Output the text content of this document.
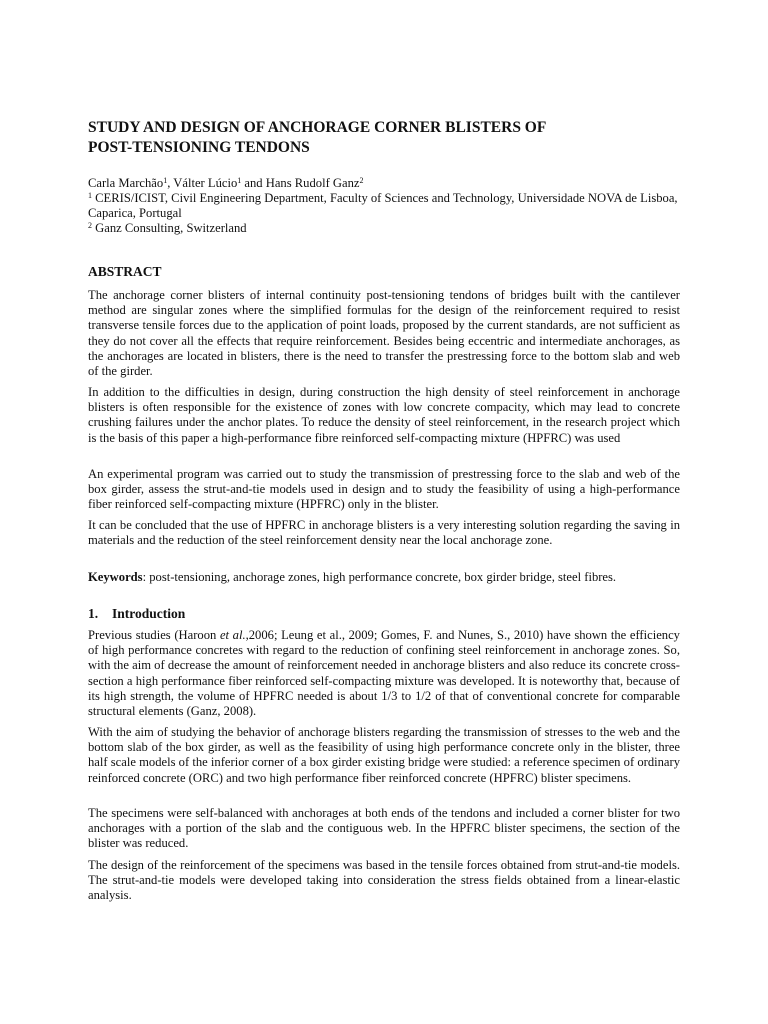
STUDY AND DESIGN OF ANCHORAGE CORNER BLISTERS OF
POST-TENSIONING TENDONS

Carla Marchão$^1$, Válter Lúcio$^1$ and Hans Rudolf Ganz$^2$

$^1$ CERIS/ICIST, Civil Engineering Department, Faculty of Sciences and Technology, Universidade NOVA de Lisboa, Caparica, Portugal

$^2$ Ganz Consulting, Switzerland

ABSTRACT

The anchorage corner blisters of internal continuity post-tensioning tendons of bridges built with the cantilever method are singular zones where the simplified formulas for the design of the reinforcement required to resist transverse tensile forces due to the application of point loads, proposed by the current standards, are not sufficient as they do not cover all the effects that require reinforcement. Besides being eccentric and intermediate anchorages, as the anchorages are located in blisters, there is the need to transfer the prestressing force to the bottom slab and web of the girder.

In addition to the difficulties in design, during construction the high density of steel reinforcement in anchorage blisters is often responsible for the existence of zones with low concrete compacity, which may lead to concrete crushing failures under the anchor plates. To reduce the density of steel reinforcement, in the research project which is the basis of this paper a high-performance fibre reinforced self-compacting mixture (HPFRC) was used

An experimental program was carried out to study the transmission of prestressing force to the slab and web of the box girder, assess the strut-and-tie models used in design and to study the feasibility of using a high-performance fiber reinforced self-compacting mixture (HPFRC) only in the blister.

It can be concluded that the use of HPFRC in anchorage blisters is a very interesting solution regarding the saving in materials and the reduction of the steel reinforcement density near the local anchorage zone.

Keywords: post-tensioning, anchorage zones, high performance concrete, box girder bridge, steel fibres.
1. Introduction

Previous studies (Haroon et al.,2006; Leung et al., 2009; Gomes, F. and Nunes, S., 2010) have shown the efficiency of high performance concretes with regard to the reduction of confining steel reinforcement in anchorage zones. So, with the aim of decrease the amount of reinforcement needed in anchorage blisters and also reduce its concrete cross-section a high performance fiber reinforced self-compacting mixture was developed. It is noteworthy that, because of its high strength, the volume of HPFRC needed is about 1/3 to 1/2 of that of conventional concrete for comparable structural elements (Ganz, 2008).

With the aim of studying the behavior of anchorage blisters regarding the transmission of stresses to the web and the bottom slab of the box girder, as well as the feasibility of using high performance concrete only in the blister, three half scale models of the inferior corner of a box girder existing bridge were studied: a reference specimen of ordinary reinforced concrete (ORC) and two high performance fiber reinforced concrete (HPFRC) blister specimens.

The specimens were self-balanced with anchorages at both ends of the tendons and included a corner blister for two anchorages with a portion of the slab and the contiguous web. In the HPFRC blister specimens, the section of the blister was reduced.

The design of the reinforcement of the specimens was based in the tensile forces obtained from strut-and-tie models. The strut-and-tie models were developed taking into consideration the stress fields obtained from a linear-elastic analysis.
